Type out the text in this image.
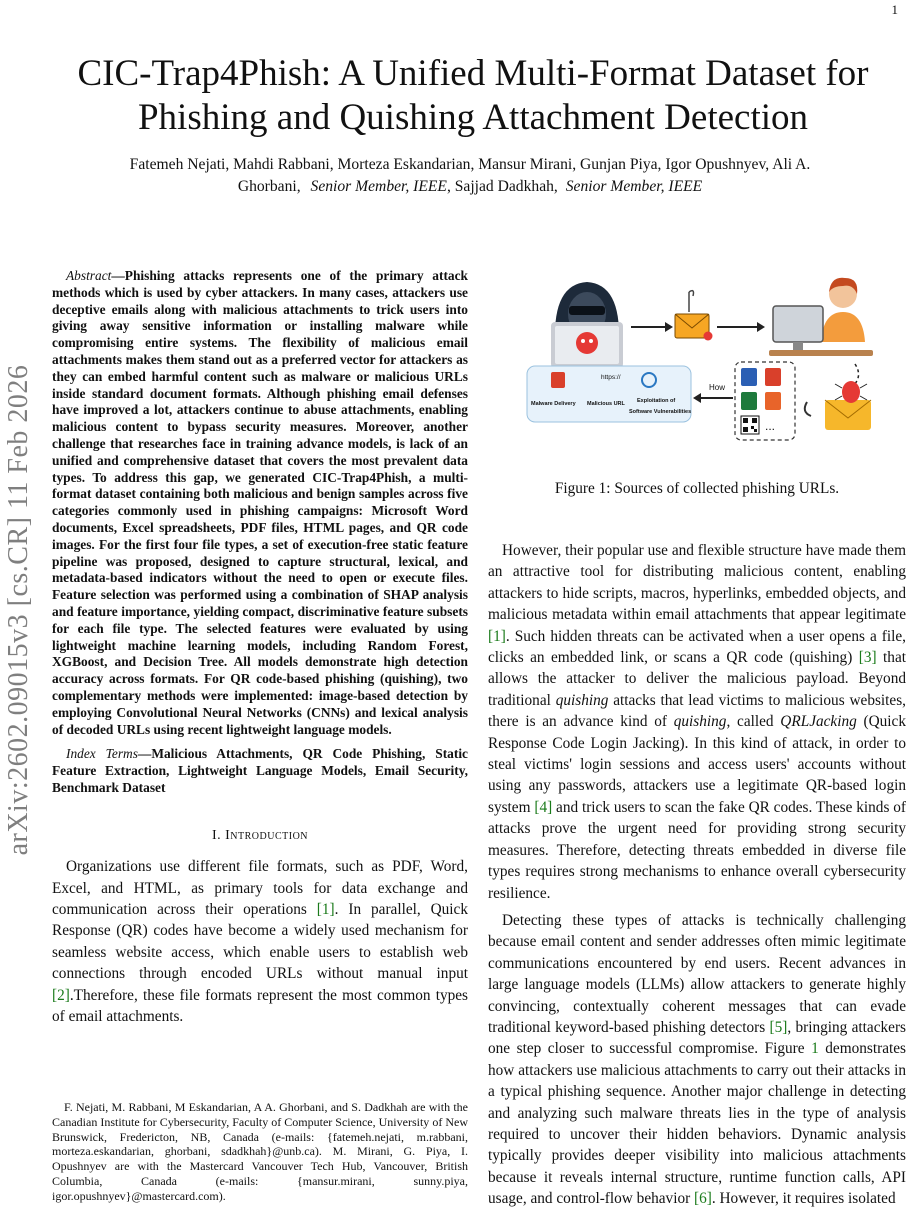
1
arXiv:2602.09015v3 [cs.CR] 11 Feb 2026
CIC-Trap4Phish: A Unified Multi-Format Dataset for Phishing and Quishing Attachment Detection
Fatemeh Nejati, Mahdi Rabbani, Morteza Eskandarian, Mansur Mirani, Gunjan Piya, Igor Opushnyev, Ali A.
Ghorbani, Senior Member, IEEE, Sajjad Dadkhah, Senior Member, IEEE

Abstract—Phishing attacks represents one of the primary attack methods which is used by cyber attackers. In many cases, attackers use deceptive emails along with malicious attachments to trick users into giving away sensitive information or installing malware while compromising entire systems. The flexibility of malicious email attachments makes them stand out as a preferred vector for attackers as they can embed harmful content such as malware or malicious URLs inside standard document formats. Although phishing email defenses have improved a lot, attackers continue to abuse attachments, enabling malicious content to bypass security measures. Moreover, another challenge that researches face in training advance models, is lack of an unified and comprehensive dataset that covers the most prevalent data types. To address this gap, we generated CIC-Trap4Phish, a multi-format dataset containing both malicious and benign samples across five categories commonly used in phishing campaigns: Microsoft Word documents, Excel spreadsheets, PDF files, HTML pages, and QR code images. For the first four file types, a set of execution-free static feature pipeline was proposed, designed to capture structural, lexical, and metadata-based indicators without the need to open or execute files. Feature selection was performed using a combination of SHAP analysis and feature importance, yielding compact, discriminative feature subsets for each file type. The selected features were evaluated by using lightweight machine learning models, including Random Forest, XGBoost, and Decision Tree. All models demonstrate high detection accuracy across formats. For QR code-based phishing (quishing), two complementary methods were implemented: image-based detection by employing Convolutional Neural Networks (CNNs) and lexical analysis of decoded URLs using recent lightweight language models.

Index Terms—Malicious Attachments, QR Code Phishing, Static Feature Extraction, Lightweight Language Models, Email Security, Benchmark Dataset

I. Introduction

Organizations use different file formats, such as PDF, Word, Excel, and HTML, as primary tools for data exchange and communication across their operations [1]. In parallel, Quick Response (QR) codes have become a widely used mechanism for seamless website access, which enable users to establish web connections through encoded URLs without manual input [2].Therefore, these file formats represent the most common types of email attachments.

F. Nejati, M. Rabbani, M Eskandarian, A A. Ghorbani, and S. Dadkhah are with the Canadian Institute for Cybersecurity, Faculty of Computer Science, University of New Brunswick, Fredericton, NB, Canada (e-mails: {fatemeh.nejati, m.rabbani, morteza.eskandarian, ghorbani, sdadkhah}@unb.ca). M. Mirani, G. Piya, I. Opushnyev are with the Mastercard Vancouver Tech Hub, Vancouver, British Columbia, Canada (e-mails: {mansur.mirani, sunny.piya, igor.opushnyev}@mastercard.com).
...
How
https://
Malware Delivery Malicious URL Exploitation of
Software Vulnerabilities
Figure 1: Sources of collected phishing URLs.

However, their popular use and flexible structure have made them an attractive tool for distributing malicious content, enabling attackers to hide scripts, macros, hyperlinks, embedded objects, and malicious metadata within email attachments that appear legitimate [1]. Such hidden threats can be activated when a user opens a file, clicks an embedded link, or scans a QR code (quishing) [3] that allows the attacker to deliver the malicious payload. Beyond traditional quishing attacks that lead victims to malicious websites, there is an advance kind of quishing, called QRLJacking (Quick Response Code Login Jacking). In this kind of attack, in order to steal victims' login sessions and access users' accounts without using any passwords, attackers use a legitimate QR-based login system [4] and trick users to scan the fake QR codes. These kinds of attacks prove the urgent need for providing strong security measures. Therefore, detecting threats embedded in diverse file types requires strong mechanisms to enhance overall cybersecurity resilience.

Detecting these types of attacks is technically challenging because email content and sender addresses often mimic legitimate communications encountered by end users. Recent advances in large language models (LLMs) allow attackers to generate highly convincing, contextually coherent messages that can evade traditional keyword-based phishing detectors [5], bringing attackers one step closer to successful compromise. Figure 1 demonstrates how attackers use malicious attachments to carry out their attacks in a typical phishing sequence. Another major challenge in detecting and analyzing such malware threats lies in the type of analysis required to uncover their hidden behaviors. Dynamic analysis typically provides deeper visibility into malicious attachments because it reveals internal structure, runtime function calls, API usage, and control-flow behavior [6]. However, it requires isolated
